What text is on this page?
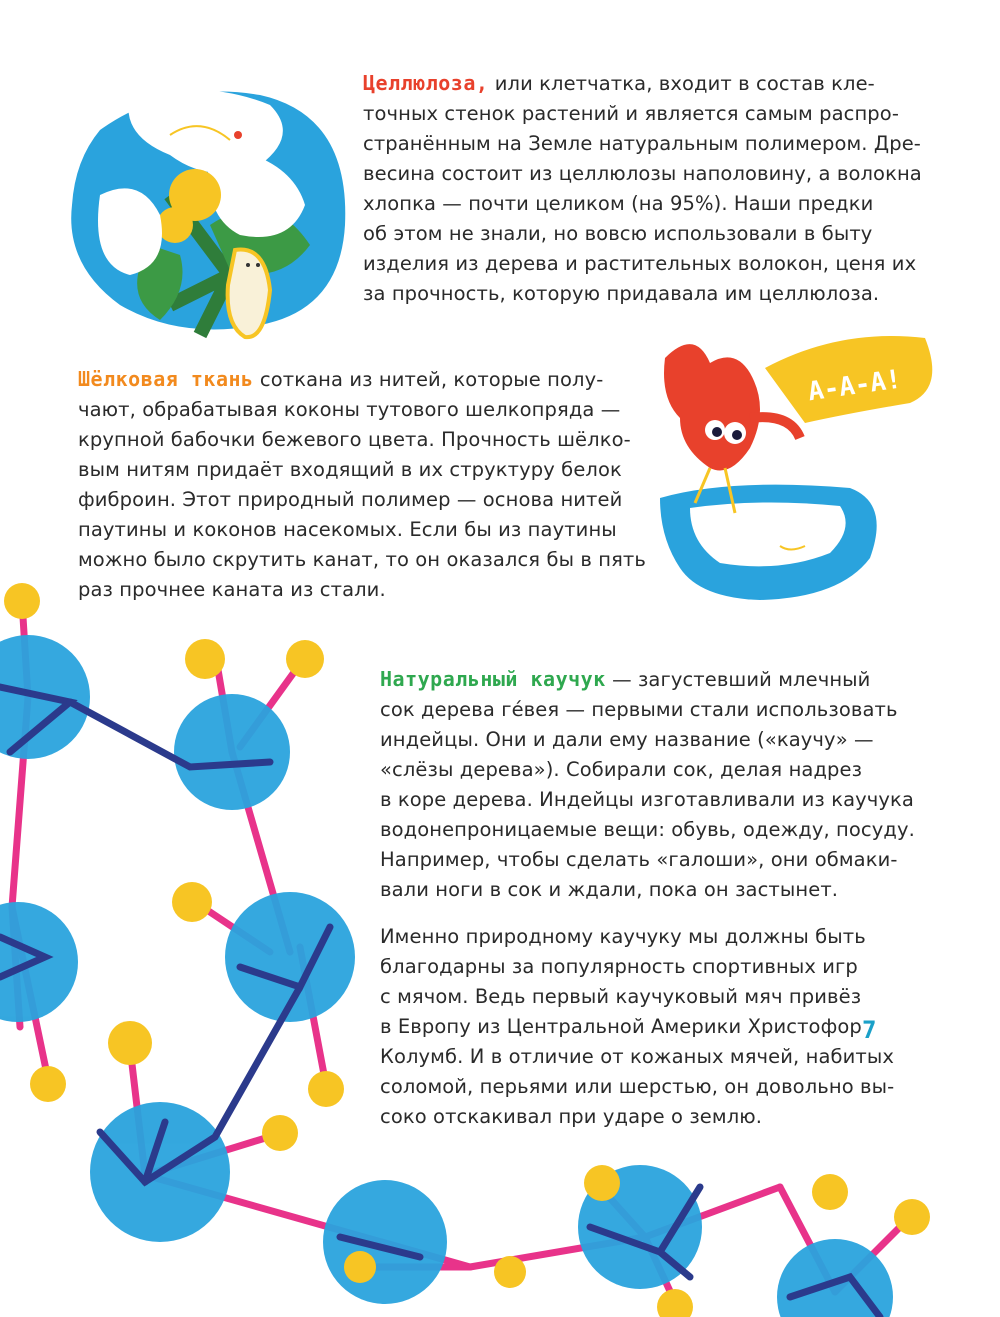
А-А-А!
Целлюлоза, или клетчатка, входит в состав кле-
точных стенок растений и является самым распро-
странённым на Земле натуральным полимером. Дре-
весина состоит из целлюлозы наполовину, а волокна
хлопка — почти целиком (на 95%). Наши предки
об этом не знали, но вовсю использовали в быту
изделия из дерева и растительных волокон, ценя их
за прочность, которую придавала им целлюлоза.
Шёлковая ткань соткана из нитей, которые полу-
чают, обрабатывая коконы тутового шелкопряда —
крупной бабочки бежевого цвета. Прочность шёлко-
вым нитям придаёт входящий в их структуру белок
фиброин. Этот природный полимер — основа нитей
паутины и коконов насекомых. Если бы из паутины
можно было скрутить канат, то он оказался бы в пять
раз прочнее каната из стали.
Натуральный каучук — загустевший млечный
сок дерева гéвея — первыми стали использовать
индейцы. Они и дали ему название («каучу» —
«слёзы дерева»). Собирали сок, делая надрез
в коре дерева. Индейцы изготавливали из каучука
водонепроницаемые вещи: обувь, одежду, посуду.
Например, чтобы сделать «галоши», они обмаки-
вали ноги в сок и ждали, пока он застынет.
Именно природному каучуку мы должны быть
благодарны за популярность спортивных игр
с мячом. Ведь первый каучуковый мяч привёз
в Европу из Центральной Америки Христофор
Колумб. И в отличие от кожаных мячей, набитых
соломой, перьями или шерстью, он довольно вы-
соко отскакивал при ударе о землю.
7
